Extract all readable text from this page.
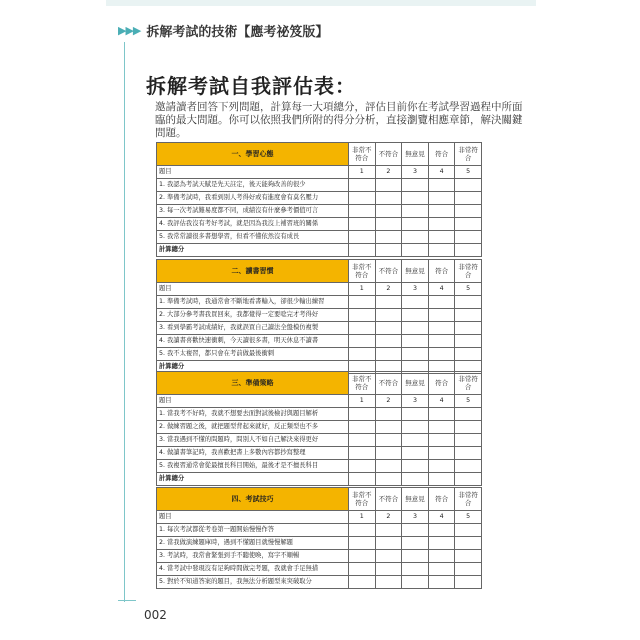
▶▶▶ 拆解考試的技術【應考祕笈版】
拆解考試自我評估表：
邀請讀者回答下列問題，計算每一大項總分，評估目前你在考試學習過程中所面臨的最大問題。你可以依照我們所附的得分分析，直接瀏覽相應章節，解決關鍵問題。
一、學習心態	非常不符合	不符合	無意見	符合	非常符合
題目	1	2	3	4	5
1. 我認為考試天賦是先天註定，後天能夠改善的很少					
2. 準備考試時，我看到別人考得好或有進度會有莫名壓力					
3. 每一次考試難易度都不同，成績沒有什麼參考價值可言					
4. 我評估我沒有考好考試，就是因為我沒上補習班的關係					
5. 我常常讀很多書想學習，但看不懂依然沒有成長					
計算總分					
二、讀書習慣	非常不符合	不符合	無意見	符合	非常符合
題目	1	2	3	4	5
1. 準備考試時，我通常會不斷地看書輸入，卻很少輸出練習					
2. 大部分參考書我買回來，我都覺得一定要唸完才考得好					
3. 看到學霸考試成績好，我就誤買自己讀法全盤模仿複製					
4. 我讀書喜歡快速衝刺，今天讀很多書，明天休息不讀書					
5. 我不太複習，都只會在考前做最後衝刺					
計算總分					
三、準備策略	非常不符合	不符合	無意見	符合	非常符合
題目	1	2	3	4	5
1. 當我考不好時，我就不想要去面對試後檢討與題目解析					
2. 做練習題之後，就把題型背起來就好，反正類型也不多					
3. 當我遇到不懂的問題時，問別人不如自己解決來得更好					
4. 做讀書筆記時，我喜歡把書上多數內容都抄寫整理					
5. 我複習通常會從最擅長科目開始，最後才是不擅長科目					
計算總分					
四、考試技巧	非常不符合	不符合	無意見	符合	非常符合
題目	1	2	3	4	5
1. 每次考試都從考卷第一題開始慢慢作答					
2. 當我做演練題庫時，遇到不懂題目就慢慢解題					
3. 考試時，我常會緊張到手不聽使喚，寫字不順暢					
4. 當考試中發現沒有足夠時間做完考題，我就會手足無措					
5. 對於不知道答案的題目，我無法分析題型來突破取分					
002
